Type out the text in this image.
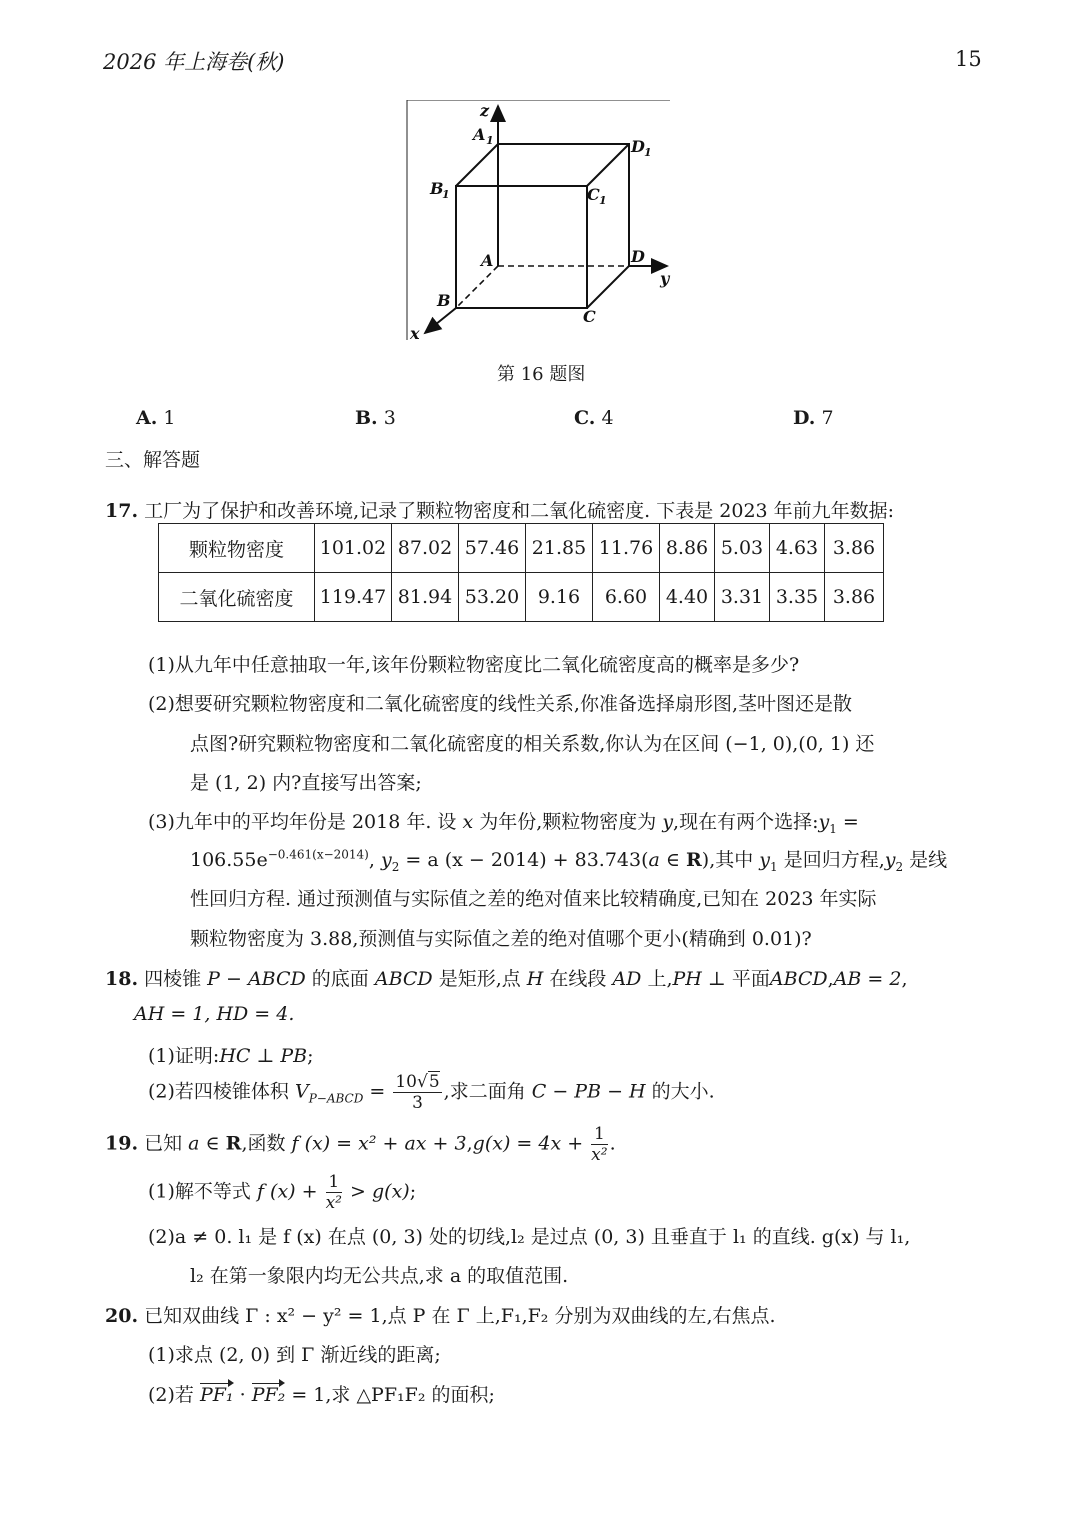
2026 年上海卷(秋)	15
z
A 1	D 1
B
1	C 1
A	D
y
B
C
x
第 16 题图
A. 1	B. 3	C. 4	D. 7
三、解答题
17. 工厂为了保护和改善环境,记录了颗粒物密度和二氧化硫密度. 下表是 2023 年前九年数据:
颗粒物密度	101.02	87.02	57.46	21.85	11.76	8.86	5.03	4.63	3.86
二氧化硫密度	119.47	81.94	53.20	9.16	6.60	4.40	3.31	3.35	3.86
(1)从九年中任意抽取一年,该年份颗粒物密度比二氧化硫密度高的概率是多少?
(2)想要研究颗粒物密度和二氧化硫密度的线性关系,你准备选择扇形图,茎叶图还是散
点图?研究颗粒物密度和二氧化硫密度的相关系数,你认为在区间 (−1, 0),(0, 1) 还
是 (1, 2) 内?直接写出答案;
(3)九年中的平均年份是 2018 年. 设 x 为年份,颗粒物密度为 y,现在有两个选择$:y_1$ =
$106.55e^{-0.461(x-2014)}$, $y_2 = a$ (x − 2014) + 83.743(a ∈ R),其中 $y_1$ 是回归方程$,y_2$ 是线
性回归方程. 通过预测值与实际值之差的绝对值来比较精确度,已知在 2023 年实际
颗粒物密度为 3.88,预测值与实际值之差的绝对值哪个更小(精确到 0.01)?
18. 四棱锥 P − ABCD 的底面 ABCD 是矩形,点 H 在线段 AD 上,PH ⊥ 平面ABCD,AB = 2,
AH = 1, HD = 4.
(1)证明:HC ⊥ PB;
(2)若四棱锥体积 $V_{P-ABCD} = \frac{10√5}{3}$ ,求二面角 C − PB − H 的大小.
19. 已知 a ∈ R,函数 f (x) = x² + ax + $3,g(x) = 4x + \frac{1}{\text{x²}}$ .
(1)解不等式 f $(x) + \frac{1}{\text{x²}} > g(x)$;
(2)a ≠ 0. l₁ 是 f (x) 在点 (0, 3) 处的切线,l₂ 是过点 (0, 3) 且垂直于 l₁ 的直线. g(x) 与 l₁,
l₂ 在第一象限内均无公共点,求 a 的取值范围.
20. 已知双曲线 Γ : x² − y² = 1,点 P 在 Γ 上,F₁,F₂ 分别为双曲线的左,右焦点.
(1)求点 (2, 0) 到 Γ 渐近线的距离;
(2)若 PF₁ · PF₂ = 1,求 △PF₁F₂ 的面积;
